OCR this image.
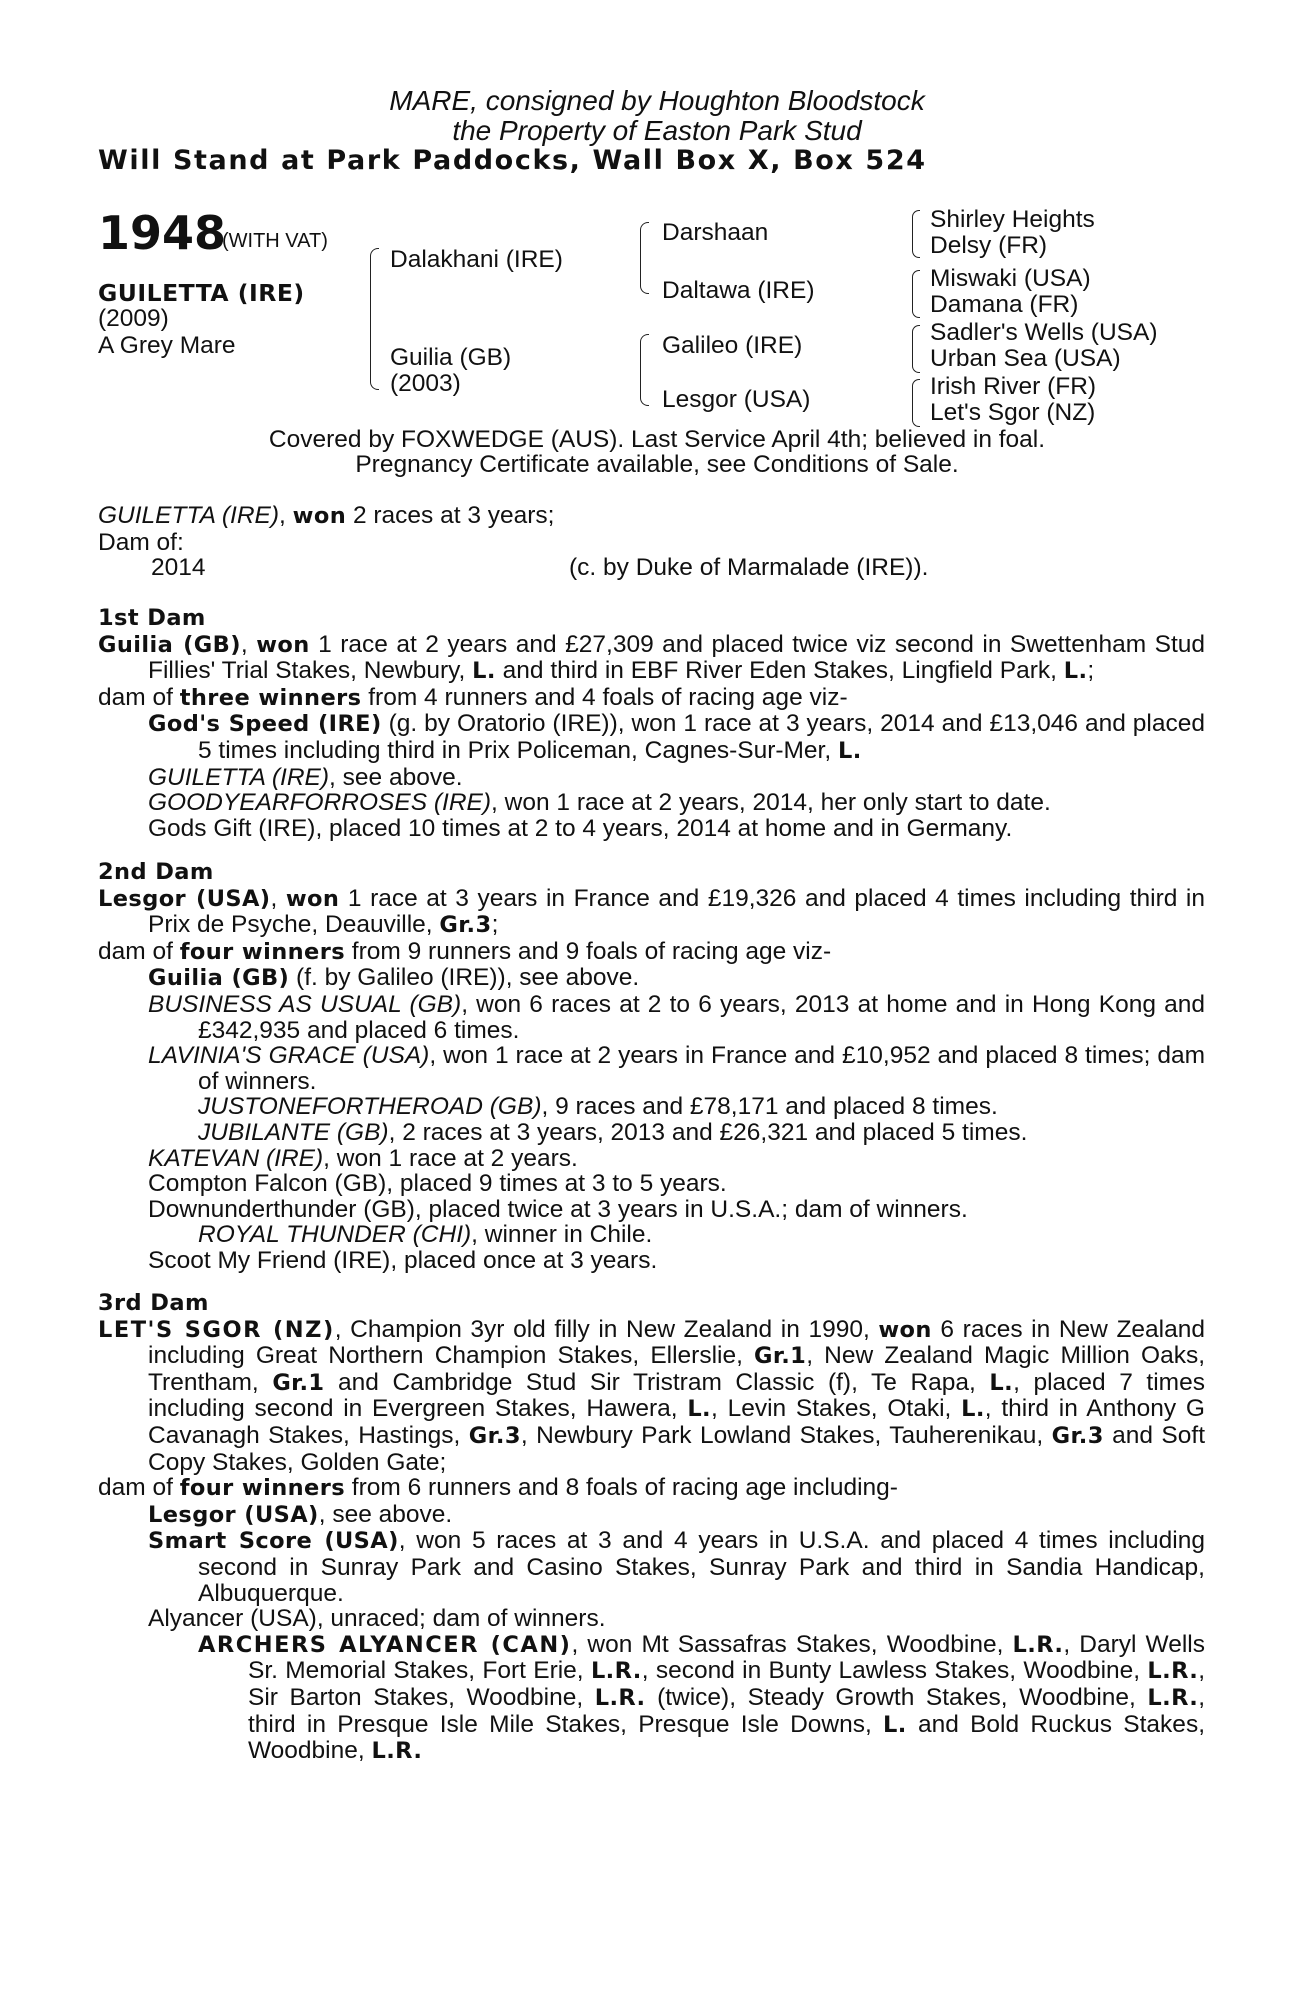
MARE, consigned by Houghton Bloodstock
the Property of Easton Park Stud
Will Stand at Park Paddocks, Wall Box X, Box 524
1948
(WITH VAT)
GUILETTA (IRE)
(2009)
A Grey Mare
Dalakhani (IRE)
Guilia (GB)
(2003)
Darshaan
Daltawa (IRE)
Galileo (IRE)
Lesgor (USA)
Shirley Heights
Delsy (FR)
Miswaki (USA)
Damana (FR)
Sadler's Wells (USA)
Urban Sea (USA)
Irish River (FR)
Let's Sgor (NZ)
Covered by FOXWEDGE (AUS). Last Service April 4th; believed in foal.
Pregnancy Certificate available, see Conditions of Sale.
GUILETTA (IRE), won 2 races at 3 years;
Dam of:
2014	(c. by Duke of Marmalade (IRE)).
1st Dam
Guilia (GB), won 1 race at 2 years and £27,309 and placed twice viz second in Swettenham Stud Fillies' Trial Stakes, Newbury, L. and third in EBF River Eden Stakes, Lingfield Park, L.;
dam of three winners from 4 runners and 4 foals of racing age viz-
God's Speed (IRE) (g. by Oratorio (IRE)), won 1 race at 3 years, 2014 and £13,046 and placed 5 times including third in Prix Policeman, Cagnes-Sur-Mer, L.
GUILETTA (IRE), see above.
GOODYEARFORROSES (IRE), won 1 race at 2 years, 2014, her only start to date.
Gods Gift (IRE), placed 10 times at 2 to 4 years, 2014 at home and in Germany.
2nd Dam
Lesgor (USA), won 1 race at 3 years in France and £19,326 and placed 4 times including third in Prix de Psyche, Deauville, Gr.3;
dam of four winners from 9 runners and 9 foals of racing age viz-
Guilia (GB) (f. by Galileo (IRE)), see above.
BUSINESS AS USUAL (GB), won 6 races at 2 to 6 years, 2013 at home and in Hong Kong and £342,935 and placed 6 times.
LAVINIA'S GRACE (USA), won 1 race at 2 years in France and £10,952 and placed 8 times; dam of winners.
JUSTONEFORTHEROAD (GB), 9 races and £78,171 and placed 8 times.
JUBILANTE (GB), 2 races at 3 years, 2013 and £26,321 and placed 5 times.
KATEVAN (IRE), won 1 race at 2 years.
Compton Falcon (GB), placed 9 times at 3 to 5 years.
Downunderthunder (GB), placed twice at 3 years in U.S.A.; dam of winners.
ROYAL THUNDER (CHI), winner in Chile.
Scoot My Friend (IRE), placed once at 3 years.
3rd Dam
LET'S SGOR (NZ), Champion 3yr old filly in New Zealand in 1990, won 6 races in New Zealand including Great Northern Champion Stakes, Ellerslie, Gr.1, New Zealand Magic Million Oaks, Trentham, Gr.1 and Cambridge Stud Sir Tristram Classic (f), Te Rapa, L., placed 7 times including second in Evergreen Stakes, Hawera, L., Levin Stakes, Otaki, L., third in Anthony G Cavanagh Stakes, Hastings, Gr.3, Newbury Park Lowland Stakes, Tauherenikau, Gr.3 and Soft Copy Stakes, Golden Gate;
dam of four winners from 6 runners and 8 foals of racing age including-
Lesgor (USA), see above.
Smart Score (USA), won 5 races at 3 and 4 years in U.S.A. and placed 4 times including second in Sunray Park and Casino Stakes, Sunray Park and third in Sandia Handicap, Albuquerque.
Alyancer (USA), unraced; dam of winners.
ARCHERS ALYANCER (CAN), won Mt Sassafras Stakes, Woodbine, L.R., Daryl Wells Sr. Memorial Stakes, Fort Erie, L.R., second in Bunty Lawless Stakes, Woodbine, L.R., Sir Barton Stakes, Woodbine, L.R. (twice), Steady Growth Stakes, Woodbine, L.R., third in Presque Isle Mile Stakes, Presque Isle Downs, L. and Bold Ruckus Stakes, Woodbine, L.R.
